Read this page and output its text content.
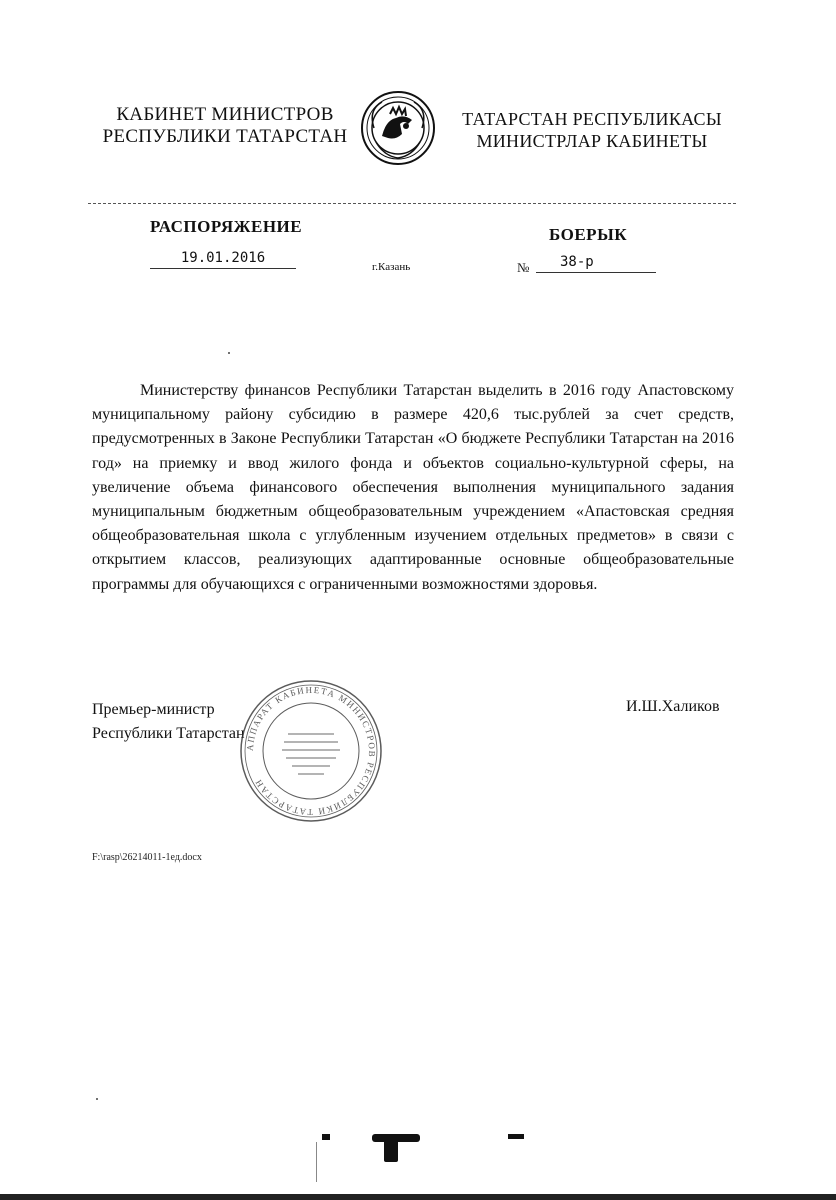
КАБИНЕТ МИНИСТРОВ
РЕСПУБЛИКИ ТАТАРСТАН
ТАТАРСТАН РЕСПУБЛИКАСЫ
МИНИСТРЛАР КАБИНЕТЫ
РАСПОРЯЖЕНИЕ	БОЕРЫК
19.01.2016
г.Казань	№	38-р
Министерству финансов Республики Татарстан выделить в 2016 году Апастовскому муниципальному району субсидию в размере 420,6 тыс.рублей за счет средств, предусмотренных в Законе Республики Татарстан «О бюджете Республики Татарстан на 2016 год» на приемку и ввод жилого фонда и объектов социально-культурной сферы, на увеличение объема финансового обеспечения выполнения муниципального задания муниципальным бюджетным общеобразовательным учреждением «Апастовская средняя общеобразовательная школа с углубленным изучением отдельных предметов» в связи с открытием классов, реализующих адаптированные основные общеобразовательные программы для обучающихся с ограниченными возможностями здоровья.
Премьер-министр
Республики Татарстан
АППАРАТ КАБИНЕТА МИНИСТРОВ РЕСПУБЛИКИ ТАТАРСТАН
И.Ш.Халиков
F:\rasp\26214011-1ед.docx
